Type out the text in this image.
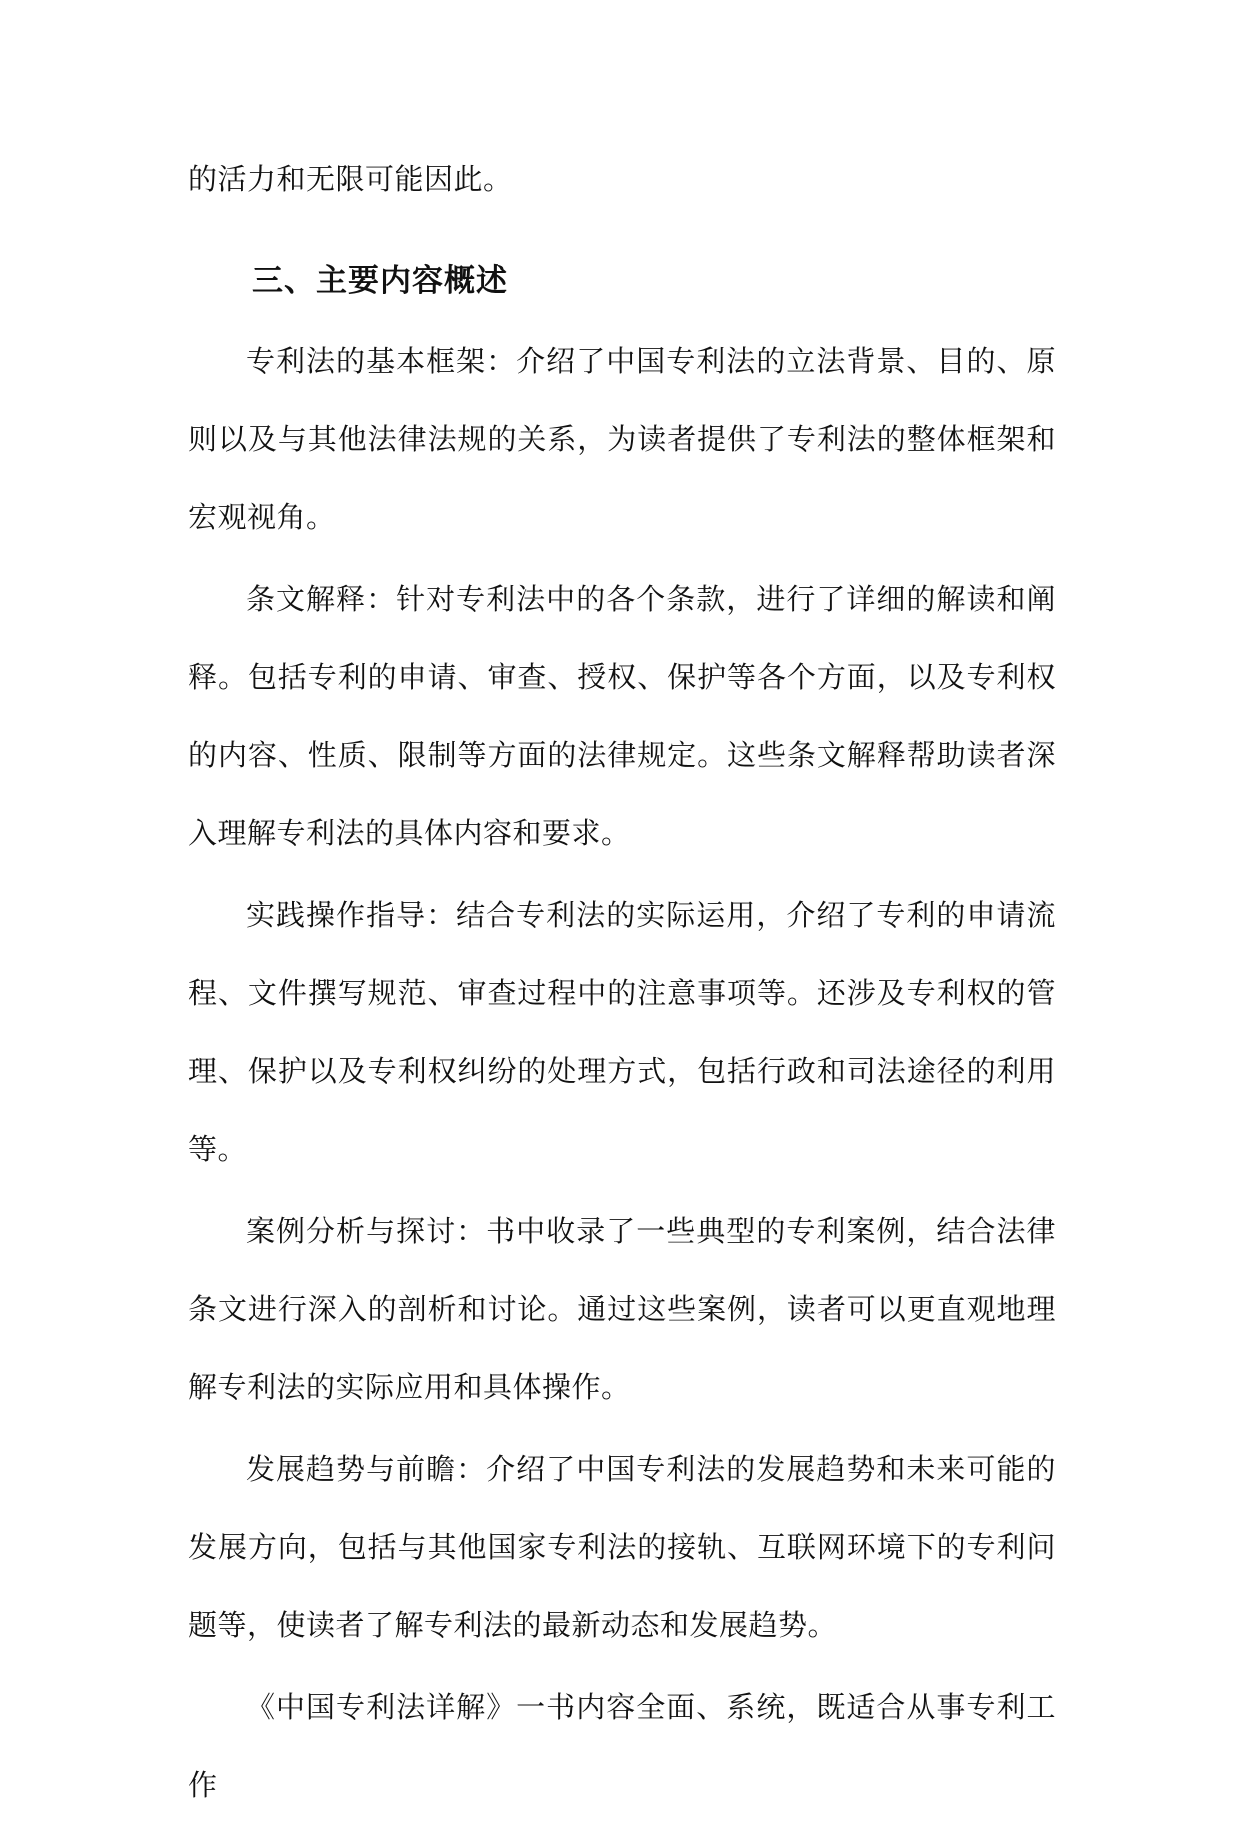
的活力和无限可能因此。

三、主要内容概述

专利法的基本框架：介绍了中国专利法的立法背景、目的、原则以及与其他法律法规的关系，为读者提供了专利法的整体框架和宏观视角。

条文解释：针对专利法中的各个条款，进行了详细的解读和阐释。包括专利的申请、审查、授权、保护等各个方面，以及专利权的内容、性质、限制等方面的法律规定。这些条文解释帮助读者深入理解专利法的具体内容和要求。

实践操作指导：结合专利法的实际运用，介绍了专利的申请流程、文件撰写规范、审查过程中的注意事项等。还涉及专利权的管理、保护以及专利权纠纷的处理方式，包括行政和司法途径的利用等。

案例分析与探讨：书中收录了一些典型的专利案例，结合法律条文进行深入的剖析和讨论。通过这些案例，读者可以更直观地理解专利法的实际应用和具体操作。

发展趋势与前瞻：介绍了中国专利法的发展趋势和未来可能的发展方向，包括与其他国家专利法的接轨、互联网环境下的专利问题等，使读者了解专利法的最新动态和发展趋势。

《中国专利法详解》一书内容全面、系统，既适合从事专利工作
